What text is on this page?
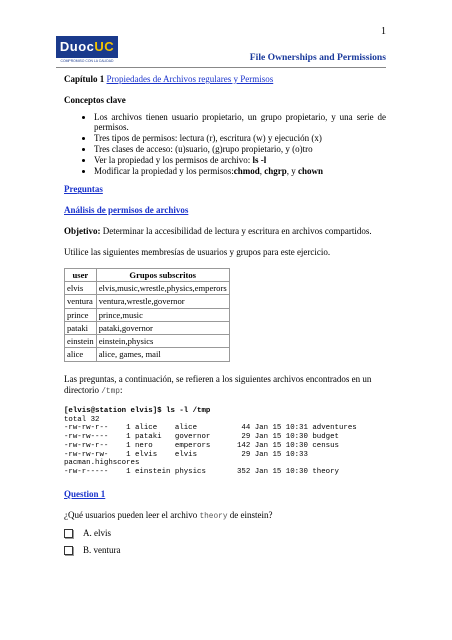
1
DuocUC
COMPROMISO CON LA CALIDAD	File Ownerships and Permissions

Capítulo 1 Propiedades de Archivos regulares y Permisos

Conceptos clave

• Los archivos tienen usuario propietario, un grupo propietario, y una serie de permisos.
• Tres tipos de permisos: lectura (r), escritura (w) y ejecución (x)
• Tres clases de acceso: (u)suario, (g)rupo propietario, y (o)tro
• Ver la propiedad y los permisos de archivo: ls -l
• Modificar la propiedad y los permisos:chmod, chgrp, y chown

Preguntas

Análisis de permisos de archivos

Objetivo: Determinar la accesibilidad de lectura y escritura en archivos compartidos.

Utilice las siguientes membresías de usuarios y grupos para este ejercicio.

user	Grupos subscritos
elvis	elvis,music,wrestle,physics,emperors
ventura	ventura,wrestle,governor
prince	prince,music
pataki	pataki,governor
einstein	einstein,physics
alice	alice, games, mail

Las preguntas, a continuación, se refieren a los siguientes archivos encontrados en un directorio /tmp:

[elvis@station elvis]$ ls -l /tmp
total 32
-rw-rw-r--    1 alice    alice          44 Jan 15 10:31 adventures
-rw-rw----    1 pataki   governor       29 Jan 15 10:30 budget
-rw-rw-r--    1 nero     emperors      142 Jan 15 10:30 census
-rw-rw-rw-    1 elvis    elvis          29 Jan 15 10:33
pacman.highscores
-rw-r-----    1 einstein physics       352 Jan 15 10:30 theory

Question 1

¿Qué usuarios pueden leer el archivo theory de einstein?

A. elvis
B. ventura
